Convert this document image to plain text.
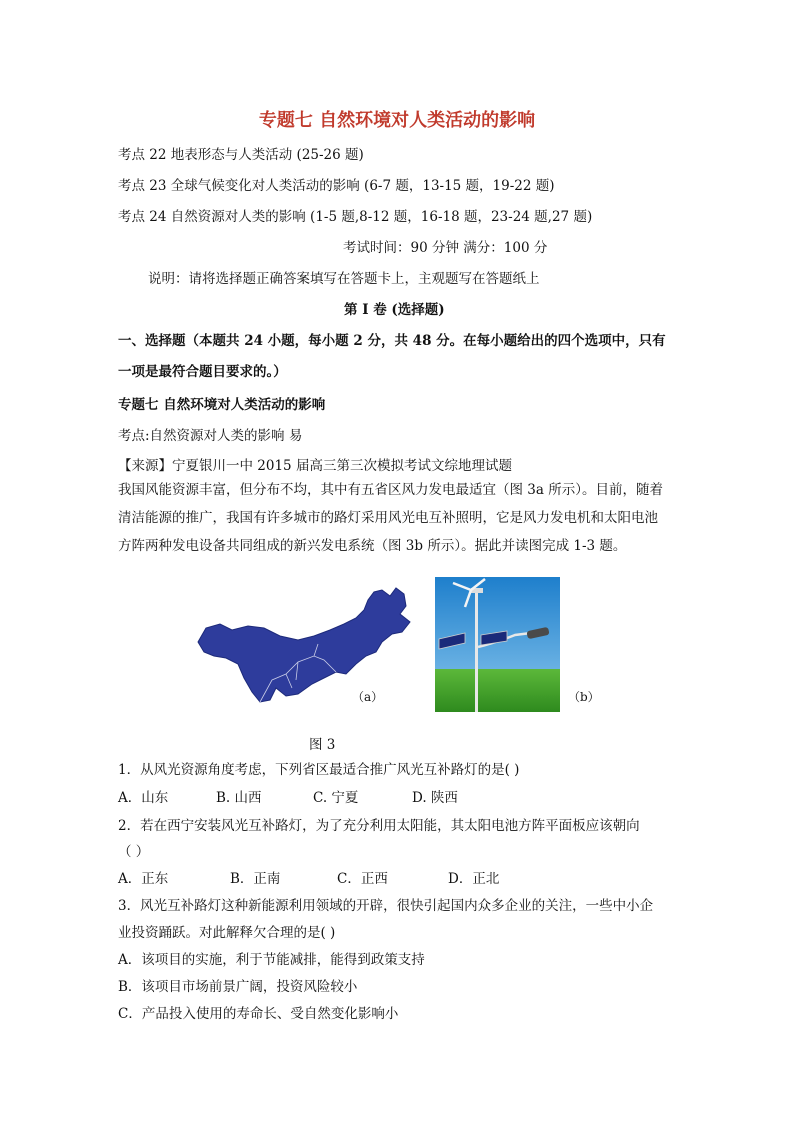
专题七 自然环境对人类活动的影响
考点 22 地表形态与人类活动 (25-26 题)
考点 23 全球气候变化对人类活动的影响 (6-7 题，13-15 题，19-22 题)
考点 24 自然资源对人类的影响 (1-5 题,8-12 题，16-18 题，23-24 题,27 题)
考试时间：90 分钟 满分：100 分
说明：请将选择题正确答案填写在答题卡上，主观题写在答题纸上
第 I 卷 (选择题)
一、选择题（本题共 24 小题，每小题 2 分，共 48 分。在每小题给出的四个选项中，只有
一项是最符合题目要求的。）
专题七 自然环境对人类活动的影响
考点:自然资源对人类的影响 易
【来源】宁夏银川一中 2015 届高三第三次模拟考试文综地理试题
我国风能资源丰富，但分布不均，其中有五省区风力发电最适宜（图 3a 所示）。目前，随着
清洁能源的推广，我国有许多城市的路灯采用风光电互补照明，它是风力发电机和太阳电池
方阵两种发电设备共同组成的新兴发电系统（图 3b 所示）。据此并读图完成 1-3 题。
（a）	（b）
图 3
1．从风光资源角度考虑，下列省区最适合推广风光互补路灯的是( )
A．山东	B. 山西	C. 宁夏	D. 陕西
2．若在西宁安装风光互补路灯，为了充分利用太阳能，其太阳电池方阵平面板应该朝向
（ ）
A．正东	B．正南	C．正西	D．正北
3．风光互补路灯这种新能源利用领域的开辟，很快引起国内众多企业的关注，一些中小企
业投资踊跃。对此解释欠合理的是( )
A．该项目的实施，利于节能减排，能得到政策支持
B．该项目市场前景广阔，投资风险较小
C．产品投入使用的寿命长、受自然变化影响小
